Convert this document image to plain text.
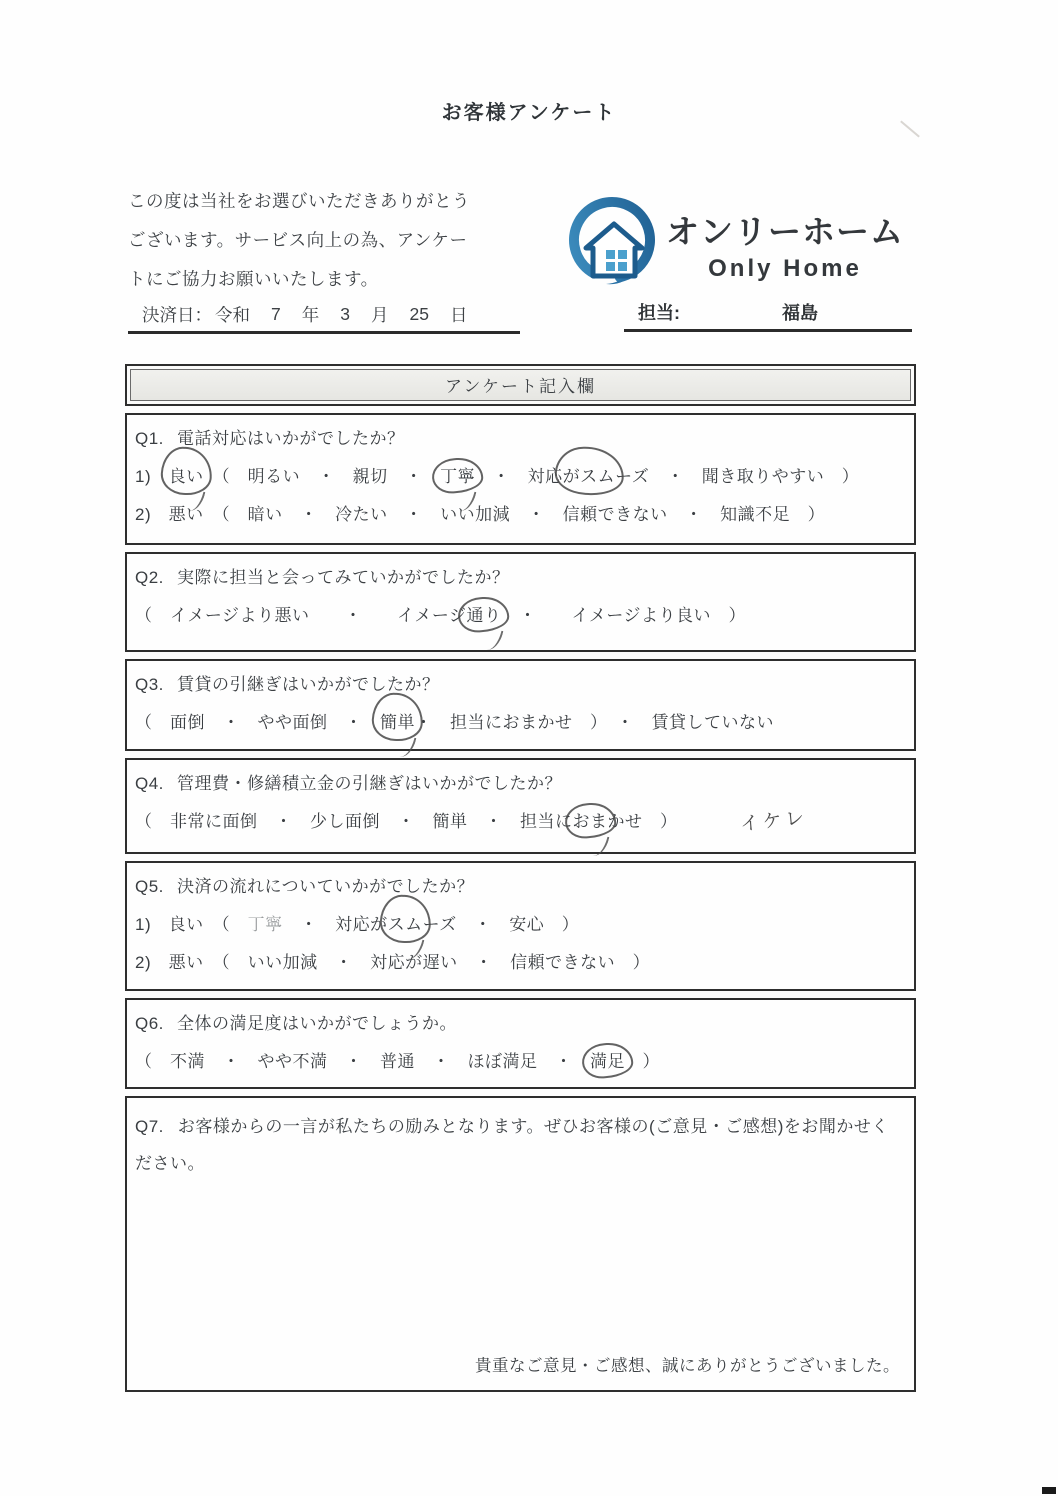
お客様アンケート
この度は当社をお選びいただきありがとう
ございます。サービス向上の為、アンケー
トにご協力お願いいたします。
オンリーホーム
Only Home
決済日： 令和 7 年 3 月 25 日	担当:	福島
アンケート記入欄
Q1. 電話対応はいかがでしたか？
1)　良い　（　明るい　・　親切　・　丁寧　・　対応がスムーズ　・　聞き取りやすい　）
2)　悪い　（　暗い　・　冷たい　・　いい加減　・　信頼できない　・　知識不足　）
Q2. 実際に担当と会ってみていかがでしたか？
（　イメージより悪い　　・　　イメージ通り　・　　イメージより良い　）
Q3. 賃貸の引継ぎはいかがでしたか？
（　面倒　・　やや面倒　・　簡単・　担当におまかせ　）　・　賃貸していない
Q4. 管理費・修繕積立金の引継ぎはいかがでしたか？
（　非常に面倒　・　少し面倒　・　簡単　・　担当におまかせ　）	イケレ
Q5. 決済の流れについていかがでしたか？
1)　良い　（　丁寧　・　対応がスムーズ　・　安心　）
2)　悪い　（　いい加減　・　対応が遅い　・　信頼できない　）
Q6. 全体の満足度はいかがでしょうか。
（　不満　・　やや不満　・　普通　・　ほぼ満足　・　満足　）
Q7. お客様からの一言が私たちの励みとなります。ぜひお客様の(ご意見・ご感想)をお聞かせください。
貴重なご意見・ご感想、誠にありがとうございました。
